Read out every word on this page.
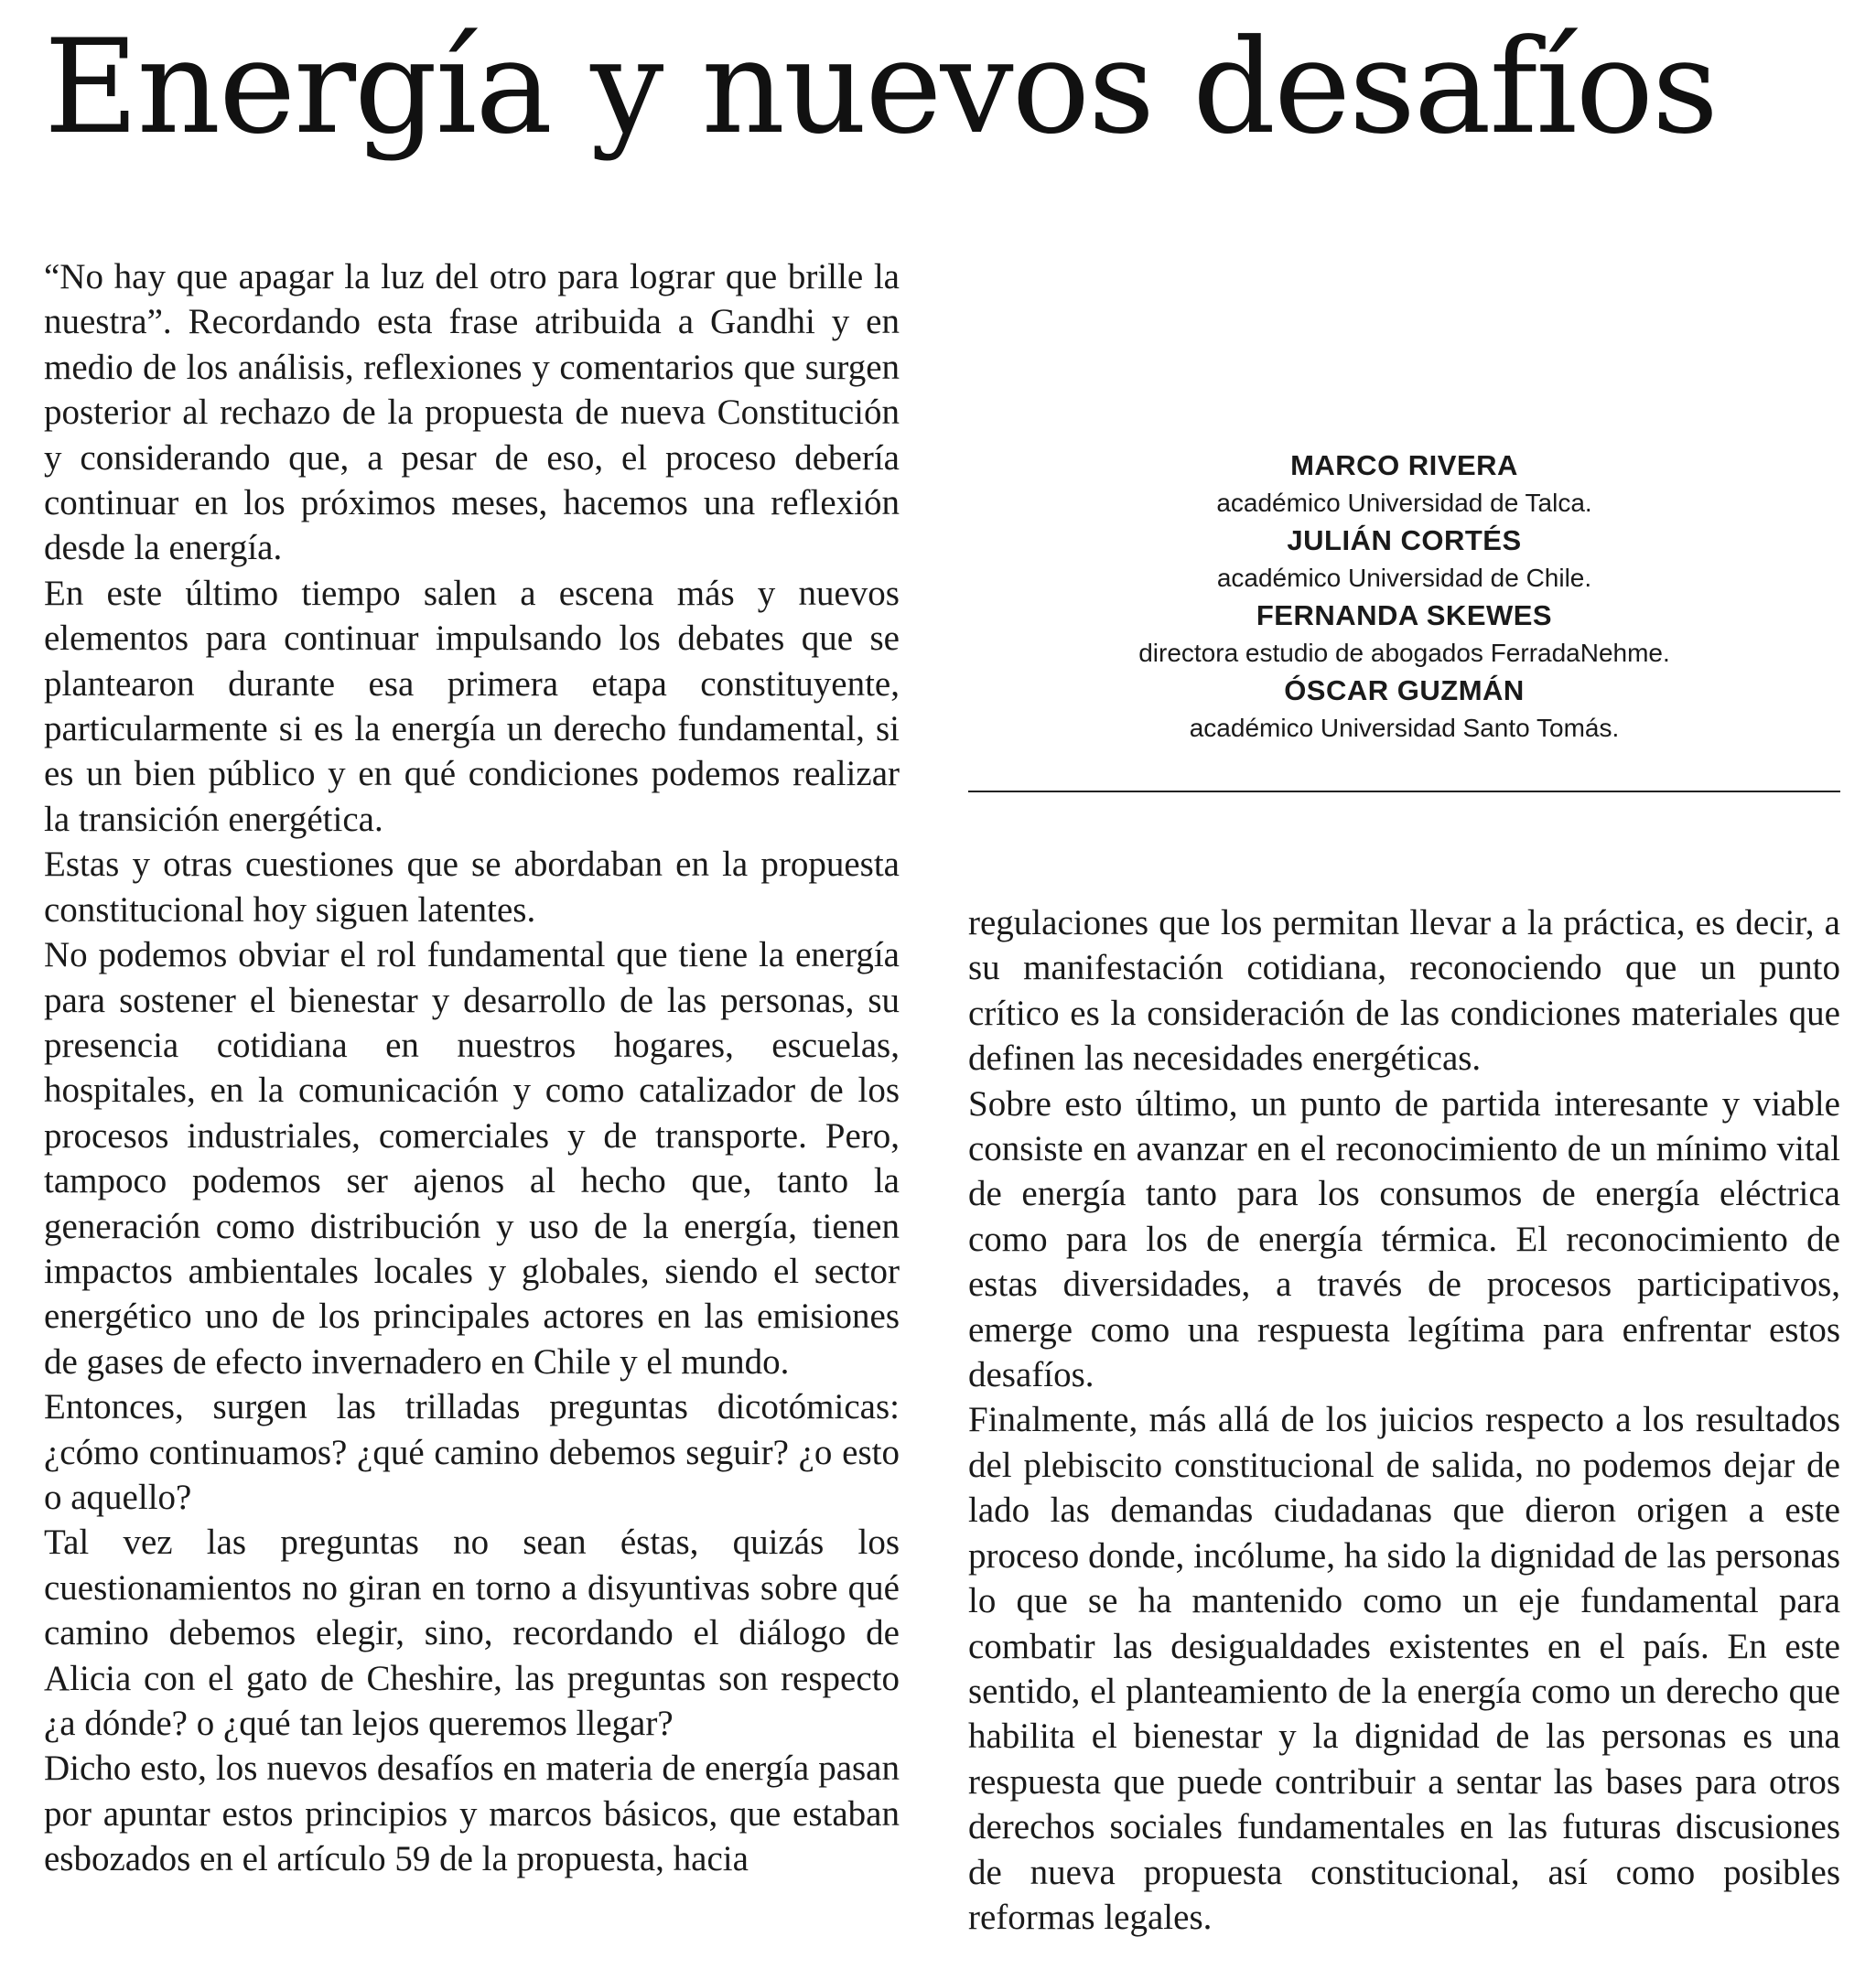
Energía y nuevos desafíos

“No hay que apagar la luz del otro para lograr que brille la nuestra”. Recordando esta frase atribuida a Gandhi y en medio de los análisis, reflexiones y comentarios que surgen posterior al rechazo de la propuesta de nueva Constitución y considerando que, a pesar de eso, el proceso debería continuar en los próximos meses, hacemos una reflexión desde la energía.

En este último tiempo salen a escena más y nuevos elementos para continuar impulsando los debates que se plantearon durante esa primera etapa constituyente, particularmente si es la energía un derecho fundamental, si es un bien público y en qué condiciones podemos realizar la transición energética.

Estas y otras cuestiones que se abordaban en la propuesta constitucional hoy siguen latentes.

No podemos obviar el rol fundamental que tiene la energía para sostener el bienestar y desarrollo de las personas, su presencia cotidiana en nuestros hogares, escuelas, hospitales, en la comunicación y como catalizador de los procesos industriales, comerciales y de transporte. Pero, tampoco podemos ser ajenos al hecho que, tanto la generación como distribución y uso de la energía, tienen impactos ambientales locales y globales, siendo el sector energético uno de los principales actores en las emisiones de gases de efecto invernadero en Chile y el mundo.

Entonces, surgen las trilladas preguntas dicotómicas: ¿cómo continuamos? ¿qué camino debemos seguir? ¿o esto o aquello?

Tal vez las preguntas no sean éstas, quizás los cuestionamientos no giran en torno a disyuntivas sobre qué camino debemos elegir, sino, recordando el diálogo de Alicia con el gato de Cheshire, las preguntas son respecto ¿a dónde? o ¿qué tan lejos queremos llegar?

Dicho esto, los nuevos desafíos en materia de energía pasan por apuntar estos principios y marcos básicos, que estaban esbozados en el artículo 59 de la propuesta, hacia

MARCO RIVERA
académico Universidad de Talca.
JULIÁN CORTÉS
académico Universidad de Chile.
FERNANDA SKEWES
directora estudio de abogados FerradaNehme.
ÓSCAR GUZMÁN
académico Universidad Santo Tomás.

regulaciones que los permitan llevar a la práctica, es decir, a su manifestación cotidiana, reconociendo que un punto crítico es la consideración de las condiciones materiales que definen las necesidades energéticas.

Sobre esto último, un punto de partida interesante y viable consiste en avanzar en el reconocimiento de un mínimo vital de energía tanto para los consumos de energía eléctrica como para los de energía térmica. El reconocimiento de estas diversidades, a través de procesos participativos, emerge como una respuesta legítima para enfrentar estos desafíos.

Finalmente, más allá de los juicios respecto a los resultados del plebiscito constitucional de salida, no podemos dejar de lado las demandas ciudadanas que dieron origen a este proceso donde, incólume, ha sido la dignidad de las personas lo que se ha mantenido como un eje fundamental para combatir las desigualdades existentes en el país. En este sentido, el planteamiento de la energía como un derecho que habilita el bienestar y la dignidad de las personas es una respuesta que puede contribuir a sentar las bases para otros derechos sociales fundamentales en las futuras discusiones de nueva propuesta constitucional, así como posibles reformas legales.
